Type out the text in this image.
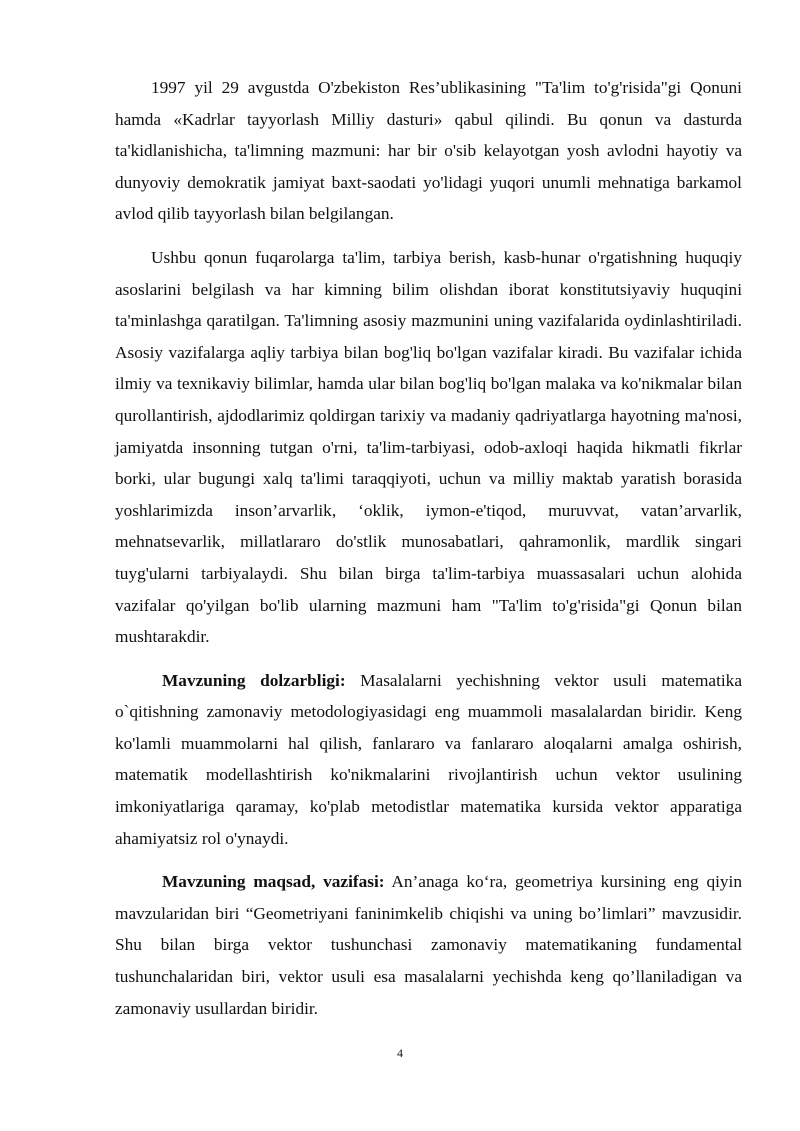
1997 yil 29 avgustda O'zbekiston Res’ublikasining "Ta'lim to'g'risida"gi Qonuni hamda «Kadrlar tayyorlash Milliy dasturi» qabul qilindi. Bu qonun va dasturda ta'kidlanishicha, ta'limning mazmuni: har bir o'sib kelayotgan yosh avlodni hayotiy va dunyoviy demokratik jamiyat baxt-saodati yo'lidagi yuqori unumli mehnatiga barkamol avlod qilib tayyorlash bilan belgilangan.

Ushbu qonun fuqarolarga ta'lim, tarbiya berish, kasb-hunar o'rgatishning huquqiy asoslarini belgilash va har kimning bilim olishdan iborat konstitutsiyaviy huquqini ta'minlashga qaratilgan. Ta'limning asosiy mazmunini uning vazifalarida oydinlashtiriladi. Asosiy vazifalarga aqliy tarbiya bilan bog'liq bo'lgan vazifalar kiradi. Bu vazifalar ichida ilmiy va texnikaviy bilimlar, hamda ular bilan bog'liq bo'lgan malaka va ko'nikmalar bilan qurollantirish, ajdodlarimiz qoldirgan tarixiy va madaniy qadriyatlarga hayotning ma'nosi, jamiyatda insonning tutgan o'rni, ta'lim-tarbiyasi, odob-axloqi haqida hikmatli fikrlar borki, ular bugungi xalq ta'limi taraqqiyoti, uchun va milliy maktab yaratish borasida yoshlarimizda inson’arvarlik, ‘oklik, iymon-e'tiqod, muruvvat, vatan’arvarlik, mehnatsevarlik, millatlararo do'stlik munosabatlari, qahramonlik, mardlik singari tuyg'ularni tarbiyalaydi. Shu bilan birga ta'lim-tarbiya muassasalari uchun alohida vazifalar qo'yilgan bo'lib ularning mazmuni ham "Ta'lim to'g'risida"gi Qonun bilan mushtarakdir.

Mavzuning dolzarbligi: Masalalarni yechishning vektor usuli matematika o`qitishning zamonaviy metodologiyasidagi eng muammoli masalalardan biridir. Keng ko'lamli muammolarni hal qilish, fanlararo va fanlararo aloqalarni amalga oshirish, matematik modellashtirish ko'nikmalarini rivojlantirish uchun vektor usulining imkoniyatlariga qaramay, ko'plab metodistlar matematika kursida vektor apparatiga ahamiyatsiz rol o'ynaydi.

Mavzuning maqsad, vazifasi: An’anaga ko‘ra, geometriya kursining eng qiyin mavzularidan biri “Geometriyani faninimkelib chiqishi va uning bo’limlari” mavzusidir. Shu bilan birga vektor tushunchasi zamonaviy matematikaning fundamental tushunchalaridan biri, vektor usuli esa masalalarni yechishda keng qo’llaniladigan va zamonaviy usullardan biridir.

4
